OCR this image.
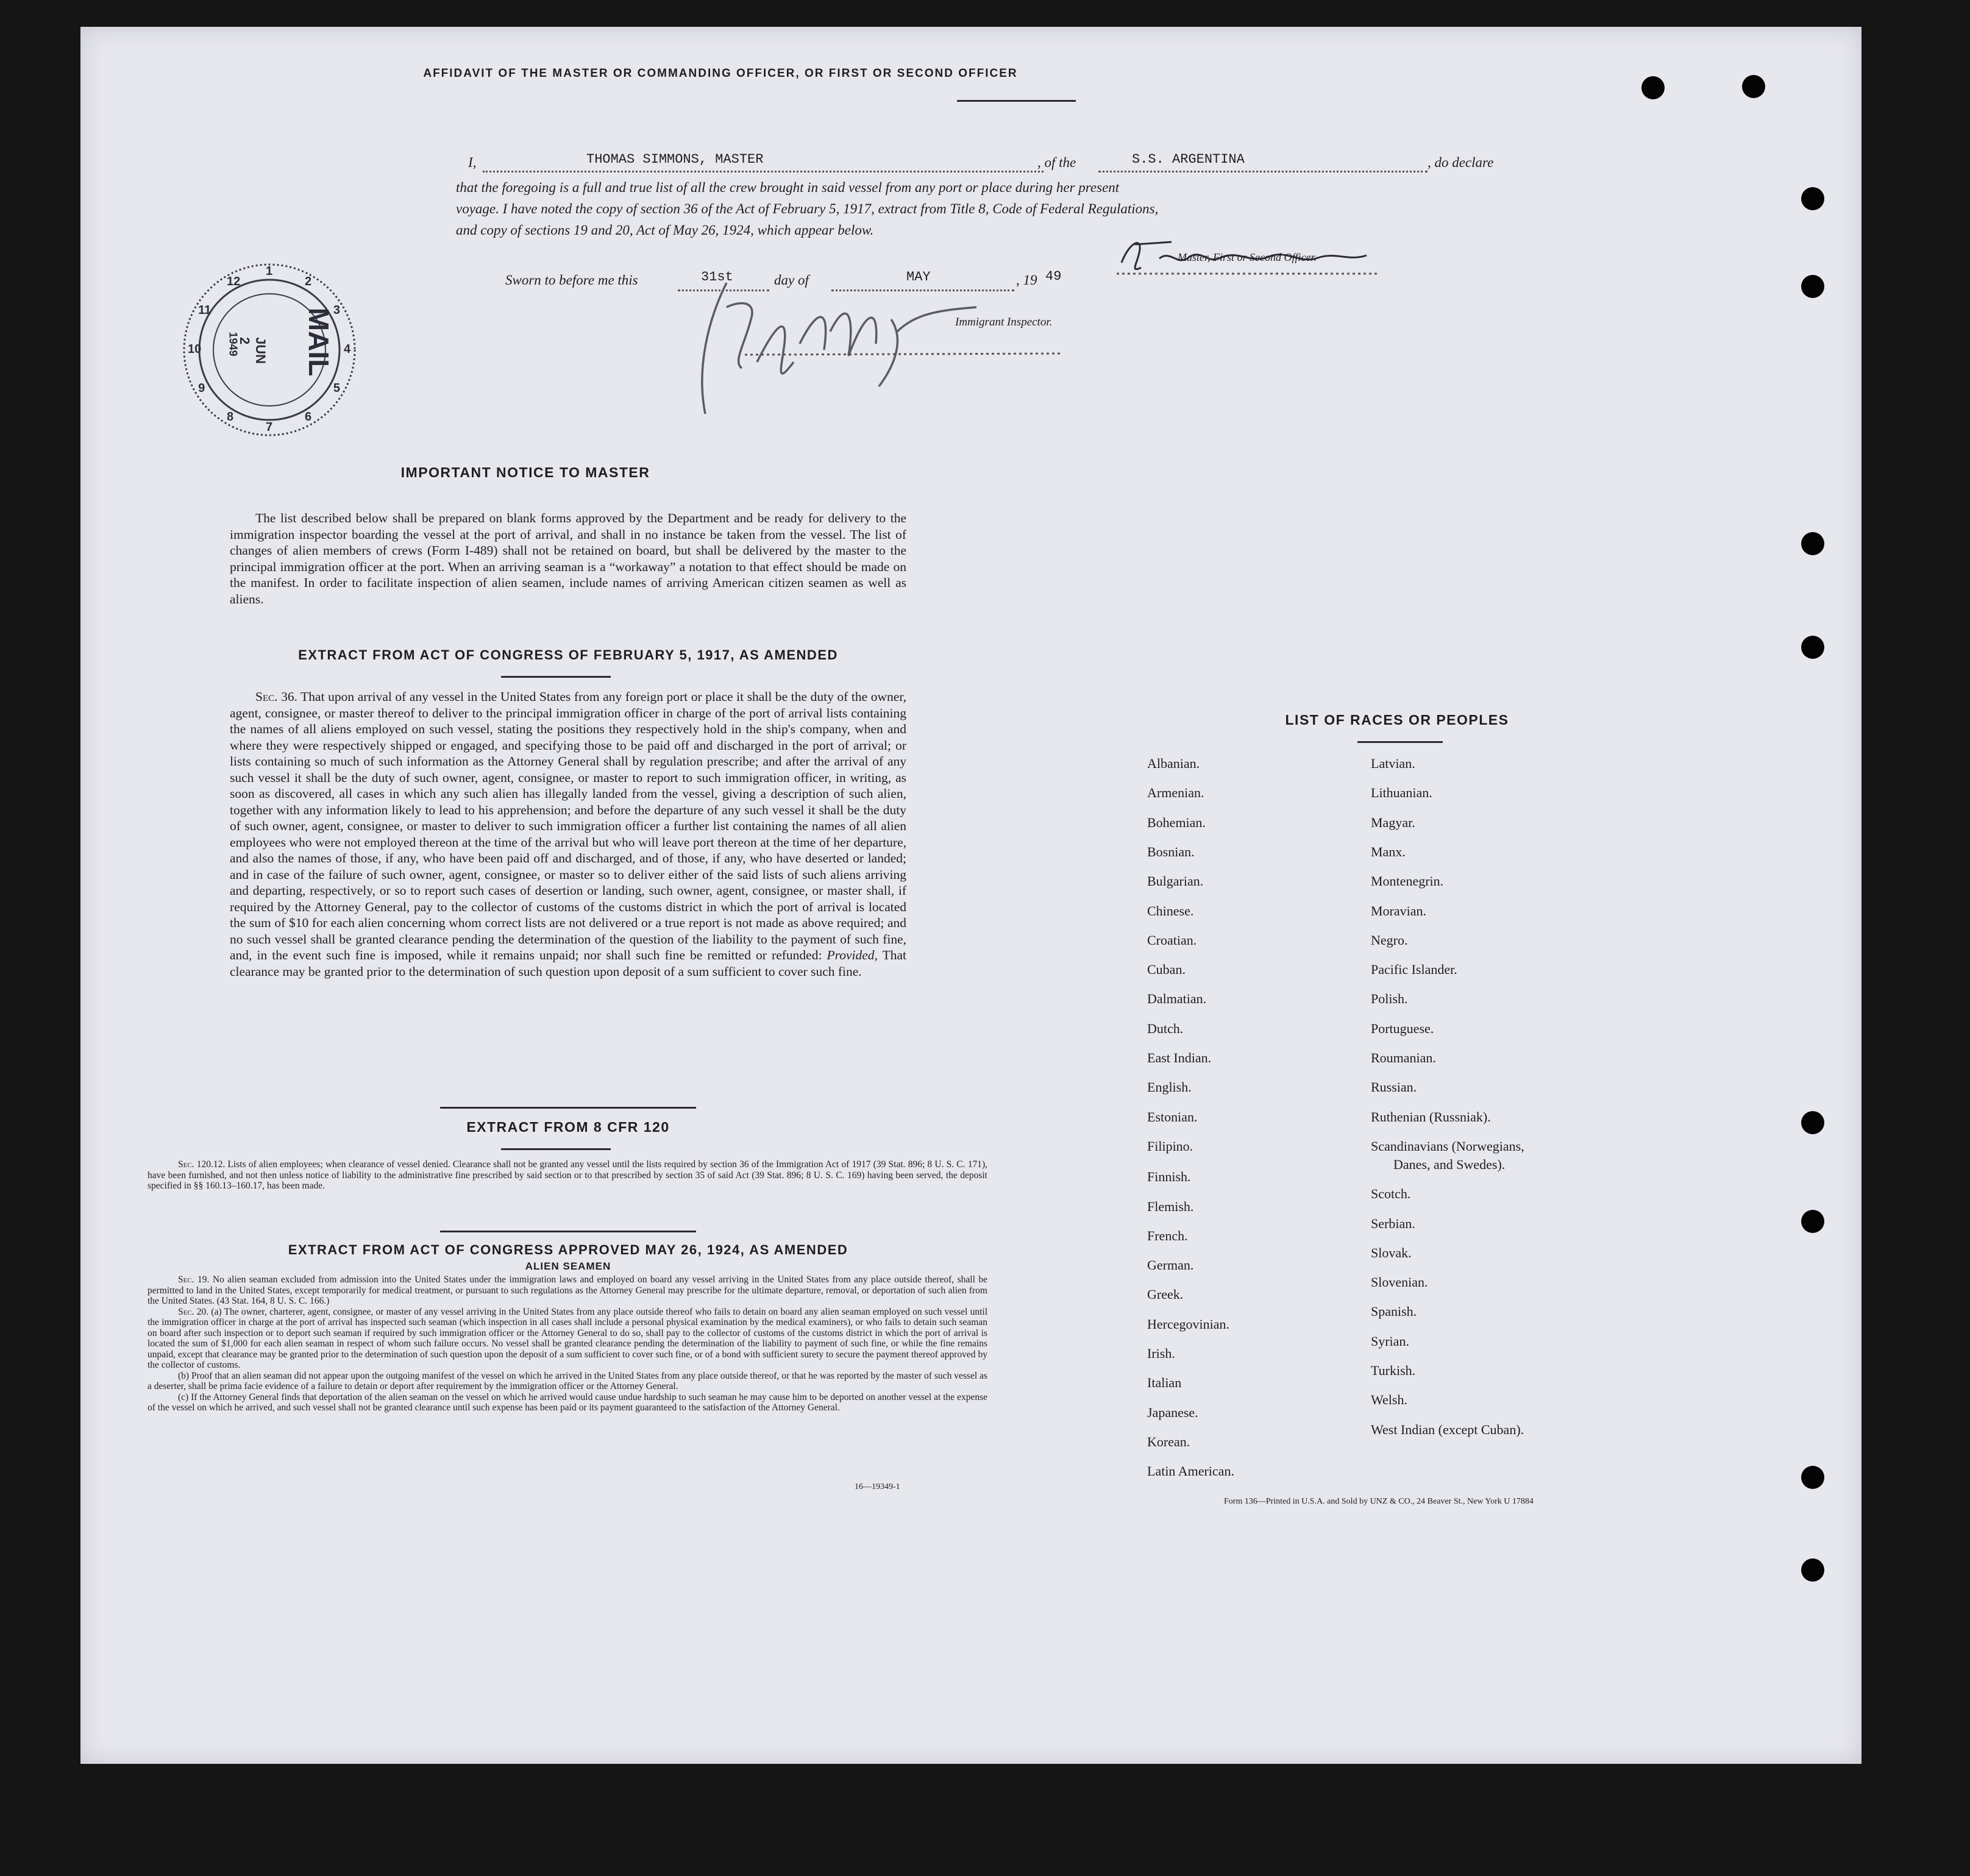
AFFIDAVIT OF THE MASTER OR COMMANDING OFFICER, OR FIRST OR SECOND OFFICER
I,	THOMAS SIMMONS, MASTER	, of the	S.S. ARGENTINA	, do declare
that the foregoing is a full and true list of all the crew brought in said vessel from any port or place during her present
voyage. I have noted the copy of section 36 of the Act of February 5, 1917, extract from Title 8, Code of Federal Regulations,
and copy of sections 19 and 20, Act of May 26, 1924, which appear below.
Master, First or Second Officer.
Sworn to before me this	31st	day of	MAY	, 19 49
Immigrant Inspector.
1
2
3
4
5
6
7
8
9
10
11
12
MAIL
JUN 2
1949
IMPORTANT NOTICE TO MASTER
The list described below shall be prepared on blank forms approved by the Department and be ready for delivery to the immigration inspector boarding the vessel at the port of arrival, and shall in no instance be taken from the vessel. The list of changes of alien members of crews (Form I-489) shall not be retained on board, but shall be delivered by the master to the principal immigration officer at the port. When an arriving seaman is a “workaway” a notation to that effect should be made on the manifest. In order to facilitate inspection of alien seamen, include names of arriving American citizen seamen as well as aliens.
EXTRACT FROM ACT OF CONGRESS OF FEBRUARY 5, 1917, AS AMENDED
Sec. 36. That upon arrival of any vessel in the United States from any foreign port or place it shall be the duty of the owner, agent, consignee, or master thereof to deliver to the principal immigration officer in charge of the port of arrival lists containing the names of all aliens employed on such vessel, stating the positions they respectively hold in the ship's company, when and where they were respectively shipped or engaged, and specifying those to be paid off and discharged in the port of arrival; or lists containing so much of such information as the Attorney General shall by regulation prescribe; and after the arrival of any such vessel it shall be the duty of such owner, agent, consignee, or master to report to such immigration officer, in writing, as soon as discovered, all cases in which any such alien has illegally landed from the vessel, giving a description of such alien, together with any information likely to lead to his apprehension; and before the departure of any such vessel it shall be the duty of such owner, agent, consignee, or master to deliver to such immigration officer a further list containing the names of all alien employees who were not employed thereon at the time of the arrival but who will leave port thereon at the time of her departure, and also the names of those, if any, who have been paid off and discharged, and of those, if any, who have deserted or landed; and in case of the failure of such owner, agent, consignee, or master so to deliver either of the said lists of such aliens arriving and departing, respectively, or so to report such cases of desertion or landing, such owner, agent, consignee, or master shall, if required by the Attorney General, pay to the collector of customs of the customs district in which the port of arrival is located the sum of $10 for each alien concerning whom correct lists are not delivered or a true report is not made as above required; and no such vessel shall be granted clearance pending the determination of the question of the liability to the payment of such fine, and, in the event such fine is imposed, while it remains unpaid; nor shall such fine be remitted or refunded: Provided, That clearance may be granted prior to the determination of such question upon deposit of a sum sufficient to cover such fine.
EXTRACT FROM 8 CFR 120
Sec. 120.12. Lists of alien employees; when clearance of vessel denied. Clearance shall not be granted any vessel until the lists required by section 36 of the Immigration Act of 1917 (39 Stat. 896; 8 U. S. C. 171), have been furnished, and not then unless notice of liability to the administrative fine prescribed by said section or to that prescribed by section 35 of said Act (39 Stat. 896; 8 U. S. C. 169) having been served, the deposit specified in §§ 160.13–160.17, has been made.
EXTRACT FROM ACT OF CONGRESS APPROVED MAY 26, 1924, AS AMENDED
ALIEN SEAMEN
Sec. 19. No alien seaman excluded from admission into the United States under the immigration laws and employed on board any vessel arriving in the United States from any place outside thereof, shall be permitted to land in the United States, except temporarily for medical treatment, or pursuant to such regulations as the Attorney General may prescribe for the ultimate departure, removal, or deportation of such alien from the United States. (43 Stat. 164, 8 U. S. C. 166.)
Sec. 20. (a) The owner, charterer, agent, consignee, or master of any vessel arriving in the United States from any place outside thereof who fails to detain on board any alien seaman employed on such vessel until the immigration officer in charge at the port of arrival has inspected such seaman (which inspection in all cases shall include a personal physical examination by the medical examiners), or who fails to detain such seaman on board after such inspection or to deport such seaman if required by such immigration officer or the Attorney General to do so, shall pay to the collector of customs of the customs district in which the port of arrival is located the sum of $1,000 for each alien seaman in respect of whom such failure occurs. No vessel shall be granted clearance pending the determination of the liability to payment of such fine, or while the fine remains unpaid, except that clearance may be granted prior to the determination of such question upon the deposit of a sum sufficient to cover such fine, or of a bond with sufficient surety to secure the payment thereof approved by the collector of customs.
(b) Proof that an alien seaman did not appear upon the outgoing manifest of the vessel on which he arrived in the United States from any place outside thereof, or that he was reported by the master of such vessel as a deserter, shall be prima facie evidence of a failure to detain or deport after requirement by the immigration officer or the Attorney General.
(c) If the Attorney General finds that deportation of the alien seaman on the vessel on which he arrived would cause undue hardship to such seaman he may cause him to be deported on another vessel at the expense of the vessel on which he arrived, and such vessel shall not be granted clearance until such expense has been paid or its payment guaranteed to the satisfaction of the Attorney General.
16—19349-1
LIST OF RACES OR PEOPLES
Form 136—Printed in U.S.A. and Sold by UNZ & CO., 24 Beaver St., New York U 17884
Albanian.
Armenian.
Bohemian.
Bosnian.
Bulgarian.
Chinese.
Croatian.
Cuban.
Dalmatian.
Dutch.
East Indian.
English.
Estonian.
Filipino.
Finnish.
Flemish.
French.
German.
Greek.
Hercegovinian.
Irish.
Italian
Japanese.
Korean.
Latin American.
Latvian.
Lithuanian.
Magyar.
Manx.
Montenegrin.
Moravian.
Negro.
Pacific Islander.
Polish.
Portuguese.
Roumanian.
Russian.
Ruthenian (Russniak).
Scandinavians (Norwegians,
Danes, and Swedes).
Scotch.
Serbian.
Slovak.
Slovenian.
Spanish.
Syrian.
Turkish.
Welsh.
West Indian (except Cuban).
